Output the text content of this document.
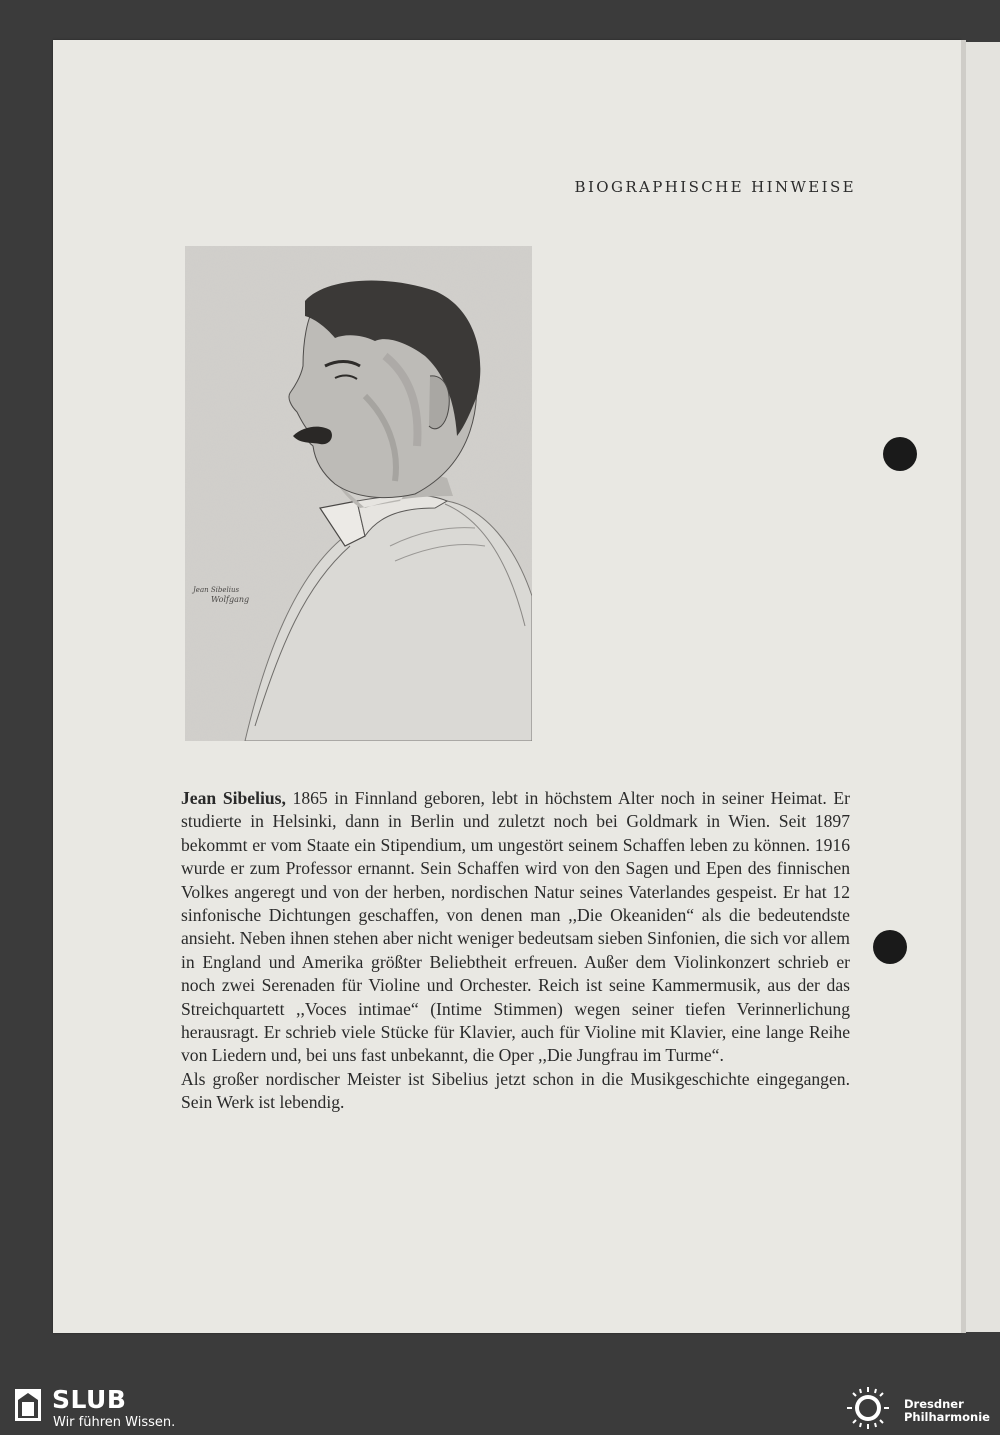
BIOGRAPHISCHE HINWEISE
Jean Sibelius
Wolfgang

Jean Sibelius, 1865 in Finnland geboren, lebt in höchstem Alter noch in seiner Heimat. Er studierte in Helsinki, dann in Berlin und zuletzt noch bei Goldmark in Wien. Seit 1897 bekommt er vom Staate ein Stipendium, um ungestört seinem Schaffen leben zu können. 1916 wurde er zum Professor ernannt. Sein Schaffen wird von den Sagen und Epen des finnischen Volkes angeregt und von der herben, nordischen Natur seines Vaterlandes gespeist. Er hat 12 sinfonische Dichtungen geschaffen, von denen man ,,Die Okeaniden“ als die bedeutendste ansieht. Neben ihnen stehen aber nicht weniger bedeutsam sieben Sinfonien, die sich vor allem in England und Amerika größter Beliebtheit erfreuen. Außer dem Violinkonzert schrieb er noch zwei Serenaden für Violine und Orchester. Reich ist seine Kammermusik, aus der das Streichquartett ,,Voces intimae“ (Intime Stimmen) wegen seiner tiefen Verinnerlichung herausragt. Er schrieb viele Stücke für Klavier, auch für Violine mit Klavier, eine lange Reihe von Liedern und, bei uns fast unbekannt, die Oper ,,Die Jungfrau im Turme“.

Als großer nordischer Meister ist Sibelius jetzt schon in die Musikgeschichte eingegangen. Sein Werk ist lebendig.

SLUB
Wir führen Wissen.
Dresdner
Philharmonie
